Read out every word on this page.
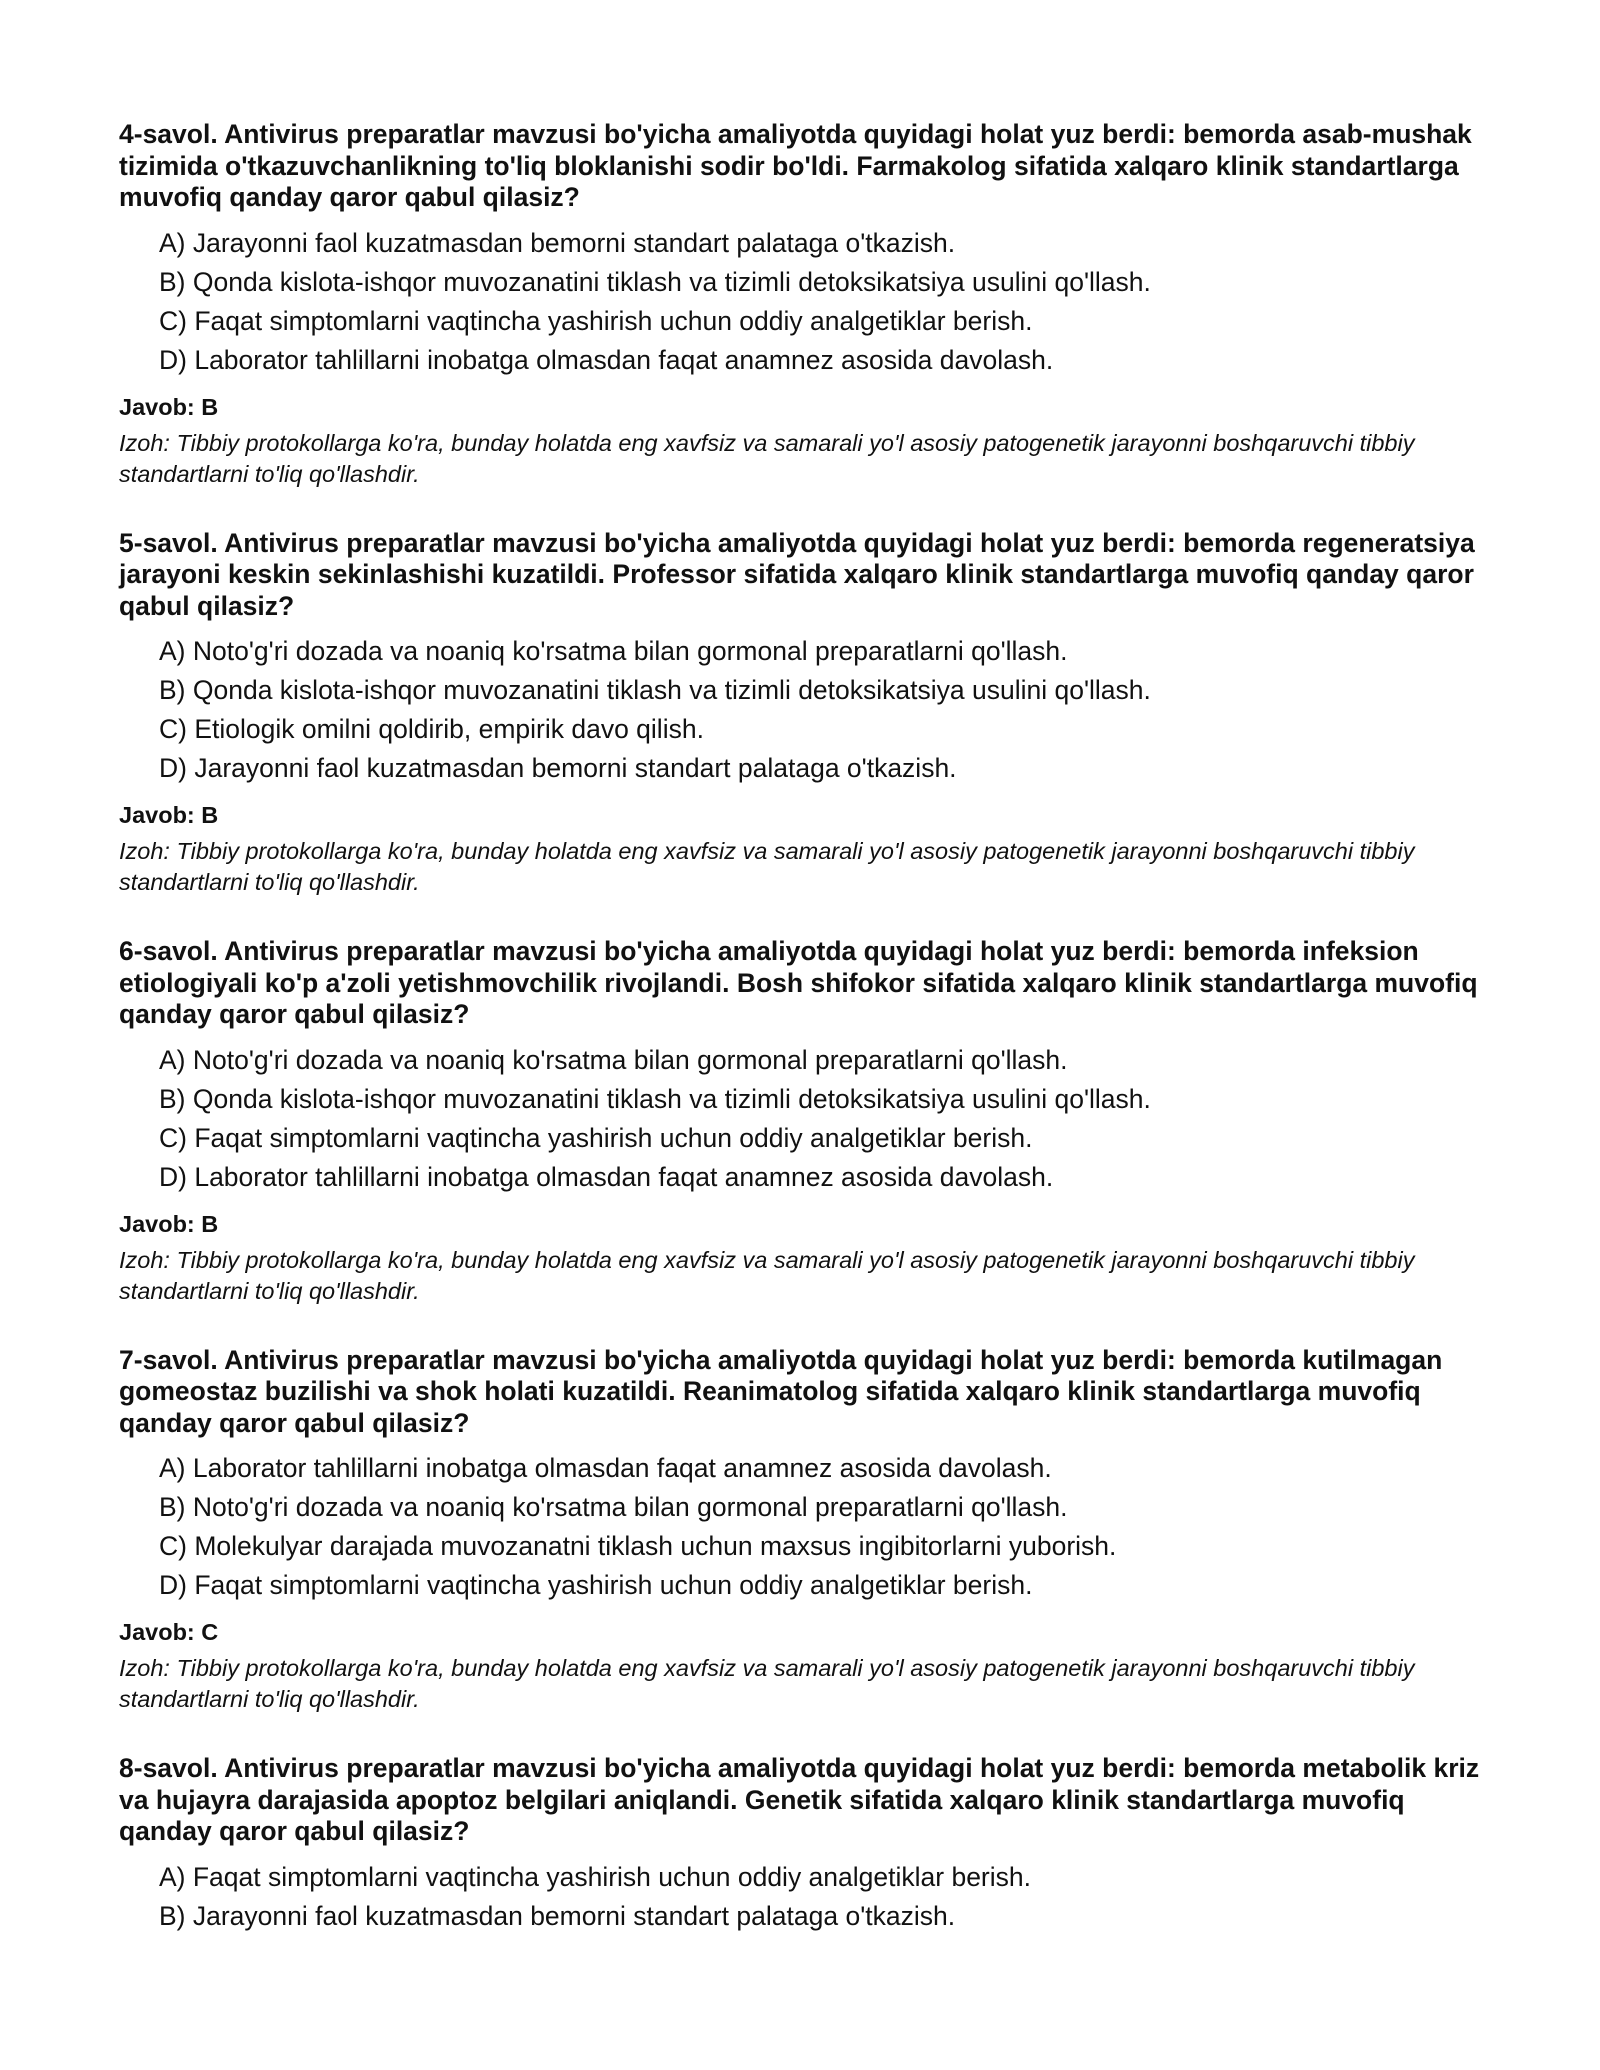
4-savol. Antivirus preparatlar mavzusi bo'yicha amaliyotda quyidagi holat yuz berdi: bemorda asab-mushak tizimida o'tkazuvchanlikning to'liq bloklanishi sodir bo'ldi. Farmakolog sifatida xalqaro klinik standartlarga muvofiq qanday qaror qabul qilasiz?

A) Jarayonni faol kuzatmasdan bemorni standart palataga o'tkazish.
B) Qonda kislota-ishqor muvozanatini tiklash va tizimli detoksikatsiya usulini qo'llash.
C) Faqat simptomlarni vaqtincha yashirish uchun oddiy analgetiklar berish.
D) Laborator tahlillarni inobatga olmasdan faqat anamnez asosida davolash.

Javob: B

Izoh: Tibbiy protokollarga ko'ra, bunday holatda eng xavfsiz va samarali yo'l asosiy patogenetik jarayonni boshqaruvchi tibbiy standartlarni to'liq qo'llashdir.

5-savol. Antivirus preparatlar mavzusi bo'yicha amaliyotda quyidagi holat yuz berdi: bemorda regeneratsiya jarayoni keskin sekinlashishi kuzatildi. Professor sifatida xalqaro klinik standartlarga muvofiq qanday qaror qabul qilasiz?

A) Noto'g'ri dozada va noaniq ko'rsatma bilan gormonal preparatlarni qo'llash.
B) Qonda kislota-ishqor muvozanatini tiklash va tizimli detoksikatsiya usulini qo'llash.
C) Etiologik omilni qoldirib, empirik davo qilish.
D) Jarayonni faol kuzatmasdan bemorni standart palataga o'tkazish.

Javob: B

Izoh: Tibbiy protokollarga ko'ra, bunday holatda eng xavfsiz va samarali yo'l asosiy patogenetik jarayonni boshqaruvchi tibbiy standartlarni to'liq qo'llashdir.

6-savol. Antivirus preparatlar mavzusi bo'yicha amaliyotda quyidagi holat yuz berdi: bemorda infeksion etiologiyali ko'p a'zoli yetishmovchilik rivojlandi. Bosh shifokor sifatida xalqaro klinik standartlarga muvofiq qanday qaror qabul qilasiz?

A) Noto'g'ri dozada va noaniq ko'rsatma bilan gormonal preparatlarni qo'llash.
B) Qonda kislota-ishqor muvozanatini tiklash va tizimli detoksikatsiya usulini qo'llash.
C) Faqat simptomlarni vaqtincha yashirish uchun oddiy analgetiklar berish.
D) Laborator tahlillarni inobatga olmasdan faqat anamnez asosida davolash.

Javob: B

Izoh: Tibbiy protokollarga ko'ra, bunday holatda eng xavfsiz va samarali yo'l asosiy patogenetik jarayonni boshqaruvchi tibbiy standartlarni to'liq qo'llashdir.

7-savol. Antivirus preparatlar mavzusi bo'yicha amaliyotda quyidagi holat yuz berdi: bemorda kutilmagan gomeostaz buzilishi va shok holati kuzatildi. Reanimatolog sifatida xalqaro klinik standartlarga muvofiq qanday qaror qabul qilasiz?

A) Laborator tahlillarni inobatga olmasdan faqat anamnez asosida davolash.
B) Noto'g'ri dozada va noaniq ko'rsatma bilan gormonal preparatlarni qo'llash.
C) Molekulyar darajada muvozanatni tiklash uchun maxsus ingibitorlarni yuborish.
D) Faqat simptomlarni vaqtincha yashirish uchun oddiy analgetiklar berish.

Javob: C

Izoh: Tibbiy protokollarga ko'ra, bunday holatda eng xavfsiz va samarali yo'l asosiy patogenetik jarayonni boshqaruvchi tibbiy standartlarni to'liq qo'llashdir.

8-savol. Antivirus preparatlar mavzusi bo'yicha amaliyotda quyidagi holat yuz berdi: bemorda metabolik kriz va hujayra darajasida apoptoz belgilari aniqlandi. Genetik sifatida xalqaro klinik standartlarga muvofiq qanday qaror qabul qilasiz?

A) Faqat simptomlarni vaqtincha yashirish uchun oddiy analgetiklar berish.
B) Jarayonni faol kuzatmasdan bemorni standart palataga o'tkazish.
